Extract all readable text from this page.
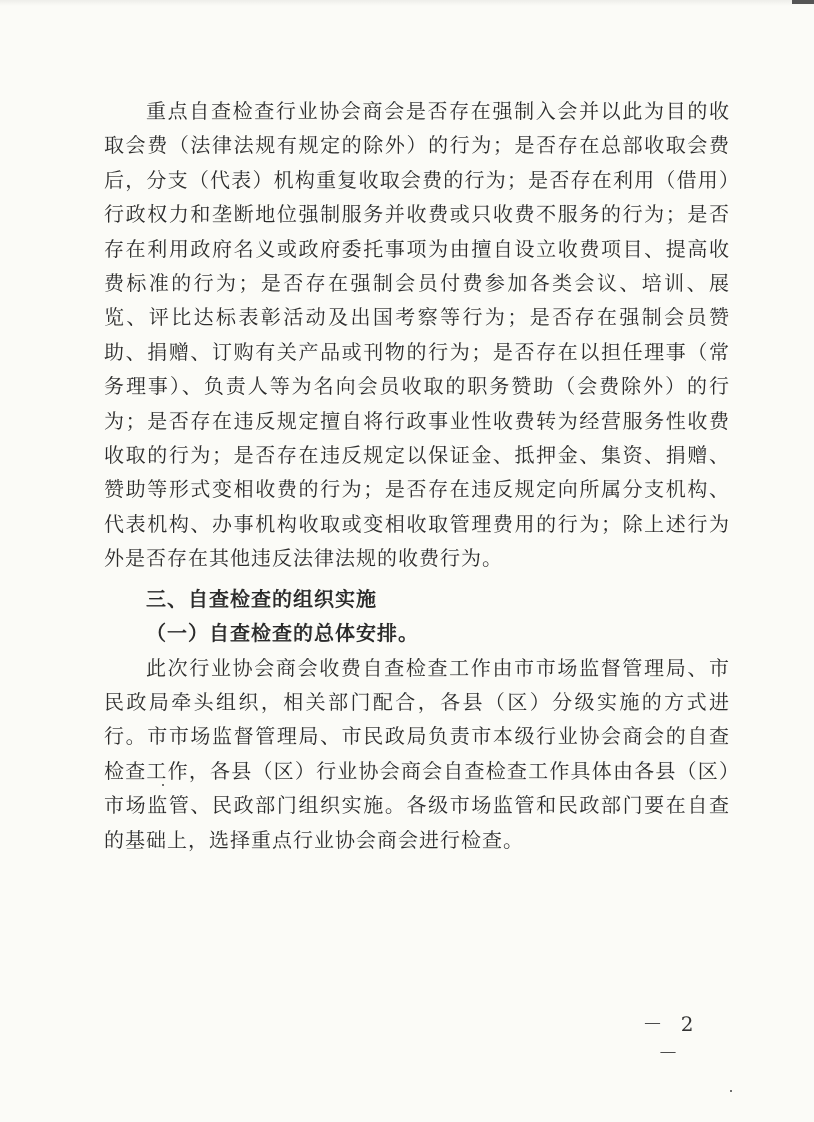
重点自查检查行业协会商会是否存在强制入会并以此为目的收取会费（法律法规有规定的除外）的行为；是否存在总部收取会费后，分支（代表）机构重复收取会费的行为；是否存在利用（借用）行政权力和垄断地位强制服务并收费或只收费不服务的行为；是否存在利用政府名义或政府委托事项为由擅自设立收费项目、提高收费标准的行为；是否存在强制会员付费参加各类会议、培训、展览、评比达标表彰活动及出国考察等行为；是否存在强制会员赞助、捐赠、订购有关产品或刊物的行为；是否存在以担任理事（常务理事）、负责人等为名向会员收取的职务赞助（会费除外）的行为；是否存在违反规定擅自将行政事业性收费转为经营服务性收费收取的行为；是否存在违反规定以保证金、抵押金、集资、捐赠、赞助等形式变相收费的行为；是否存在违反规定向所属分支机构、代表机构、办事机构收取或变相收取管理费用的行为；除上述行为外是否存在其他违反法律法规的收费行为。

三、自查检查的组织实施

（一）自查检查的总体安排。

此次行业协会商会收费自查检查工作由市市场监督管理局、市民政局牵头组织，相关部门配合，各县（区）分级实施的方式进行。市市场监督管理局、市民政局负责市本级行业协会商会的自查检查工作，各县（区）行业协会商会自查检查工作具体由各县（区）市场监管、民政部门组织实施。各级市场监管和民政部门要在自查的基础上，选择重点行业协会商会进行检查。

－ 2 －
